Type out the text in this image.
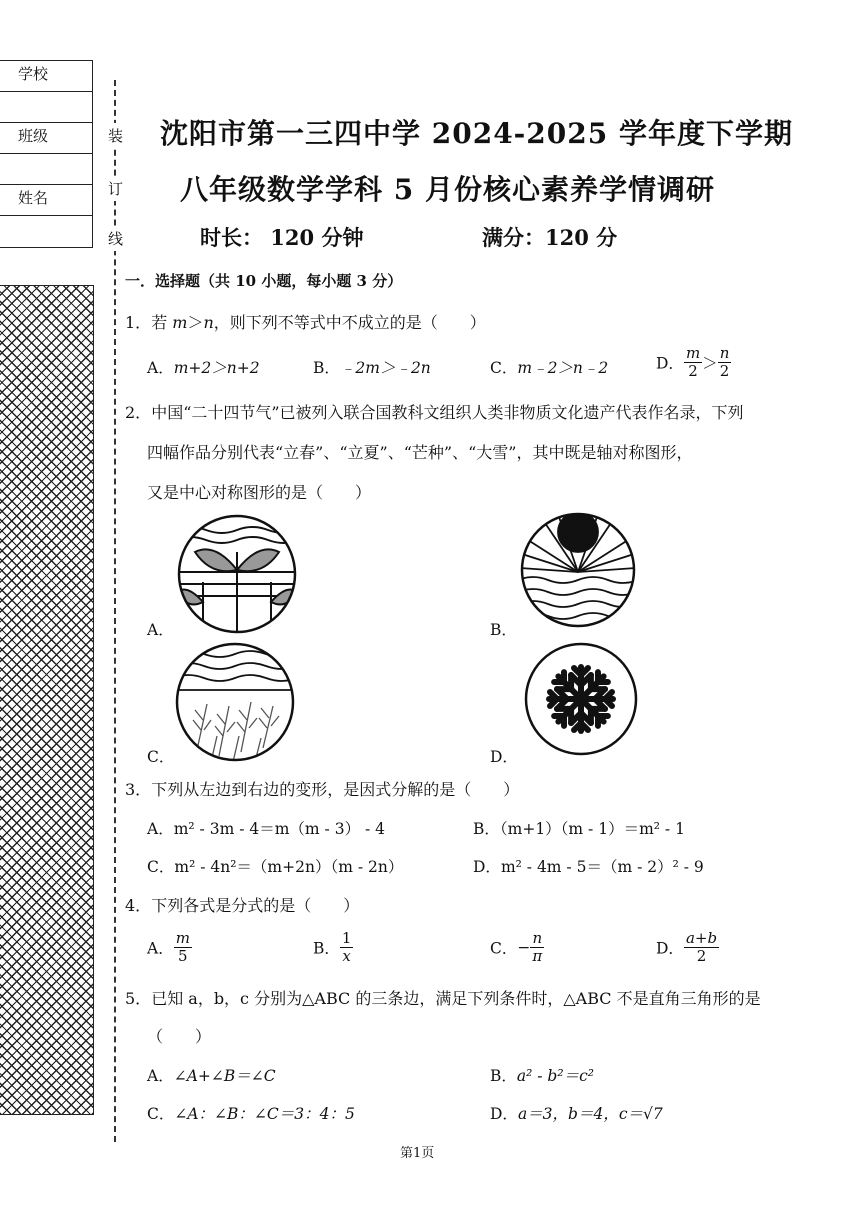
学校
班级
姓名
装
订
线
沈阳市第一三四中学 2024-2025 学年度下学期
八年级数学学科 5 月份核心素养学情调研
时长： 120 分钟	满分：120 分
一．选择题（共 10 小题，每小题 3 分）
1．若 m＞n，则下列不等式中不成立的是（　　）
A．m+2＞n+2	B．﹣2m＞﹣2n	C．m﹣2＞n﹣2	D． $\frac{m}{2} > \frac{n}{2}$
2．中国“二十四节气”已被列入联合国教科文组织人类非物质文化遗产代表作名录，下列
四幅作品分别代表“立春”、“立夏”、“芒种”、“大雪”，其中既是轴对称图形，
又是中心对称图形的是（　　）
A．	B．
C．	D．
3．下列从左边到右边的变形，是因式分解的是（　　）
A．m² - 3m - 4＝m（m - 3） - 4	B．（m+1）（m - 1）＝m² - 1
C．m² - 4n²＝（m+2n）（m - 2n）	D．m² - 4m - 5＝（m - 2）² - 9
4．下列各式是分式的是（　　）
A． $\frac{m}{5}$	B． $\frac{1}{x}$	C．− $\frac{n}{\pi}$	D． $\frac{a+b}{2}$
5．已知 a，b，c 分别为△ABC 的三条边，满足下列条件时，△ABC 不是直角三角形的是
（　　）
A．∠A+∠B＝∠C	B．a² - b²＝c²
C．∠A：∠B：∠C＝3：4：5	D．a＝3，b＝4，c＝√7
第1页
